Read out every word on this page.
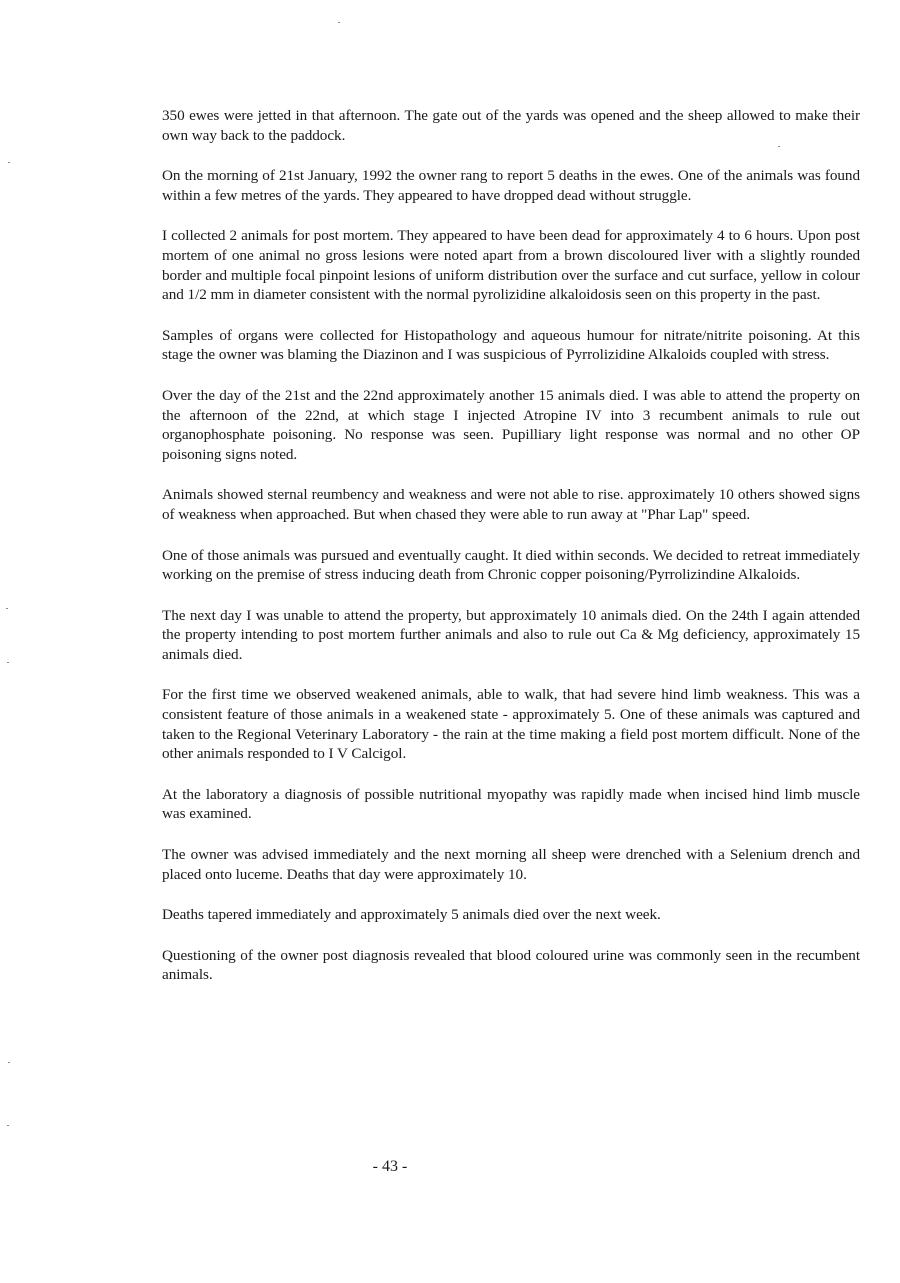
350 ewes were jetted in that afternoon. The gate out of the yards was opened and the sheep allowed to make their own way back to the paddock.

On the morning of 21st January, 1992 the owner rang to report 5 deaths in the ewes. One of the animals was found within a few metres of the yards. They appeared to have dropped dead without struggle.

I collected 2 animals for post mortem. They appeared to have been dead for approximately 4 to 6 hours. Upon post mortem of one animal no gross lesions were noted apart from a brown discoloured liver with a slightly rounded border and multiple focal pinpoint lesions of uniform distribution over the surface and cut surface, yellow in colour and 1/2 mm in diameter consistent with the normal pyrolizidine alkaloidosis seen on this property in the past.

Samples of organs were collected for Histopathology and aqueous humour for nitrate/nitrite poisoning. At this stage the owner was blaming the Diazinon and I was suspicious of Pyrrolizidine Alkaloids coupled with stress.

Over the day of the 21st and the 22nd approximately another 15 animals died. I was able to attend the property on the afternoon of the 22nd, at which stage I injected Atropine IV into 3 recumbent animals to rule out organophosphate poisoning. No response was seen. Pupilliary light response was normal and no other OP poisoning signs noted.

Animals showed sternal reumbency and weakness and were not able to rise. approximately 10 others showed signs of weakness when approached. But when chased they were able to run away at "Phar Lap" speed.

One of those animals was pursued and eventually caught. It died within seconds. We decided to retreat immediately working on the premise of stress inducing death from Chronic copper poisoning/Pyrrolizindine Alkaloids.

The next day I was unable to attend the property, but approximately 10 animals died. On the 24th I again attended the property intending to post mortem further animals and also to rule out Ca & Mg deficiency, approximately 15 animals died.

For the first time we observed weakened animals, able to walk, that had severe hind limb weakness. This was a consistent feature of those animals in a weakened state - approximately 5. One of these animals was captured and taken to the Regional Veterinary Laboratory - the rain at the time making a field post mortem difficult. None of the other animals responded to I V Calcigol.

At the laboratory a diagnosis of possible nutritional myopathy was rapidly made when incised hind limb muscle was examined.

The owner was advised immediately and the next morning all sheep were drenched with a Selenium drench and placed onto luceme. Deaths that day were approximately 10.

Deaths tapered immediately and approximately 5 animals died over the next week.

Questioning of the owner post diagnosis revealed that blood coloured urine was commonly seen in the recumbent animals.

- 43 -
